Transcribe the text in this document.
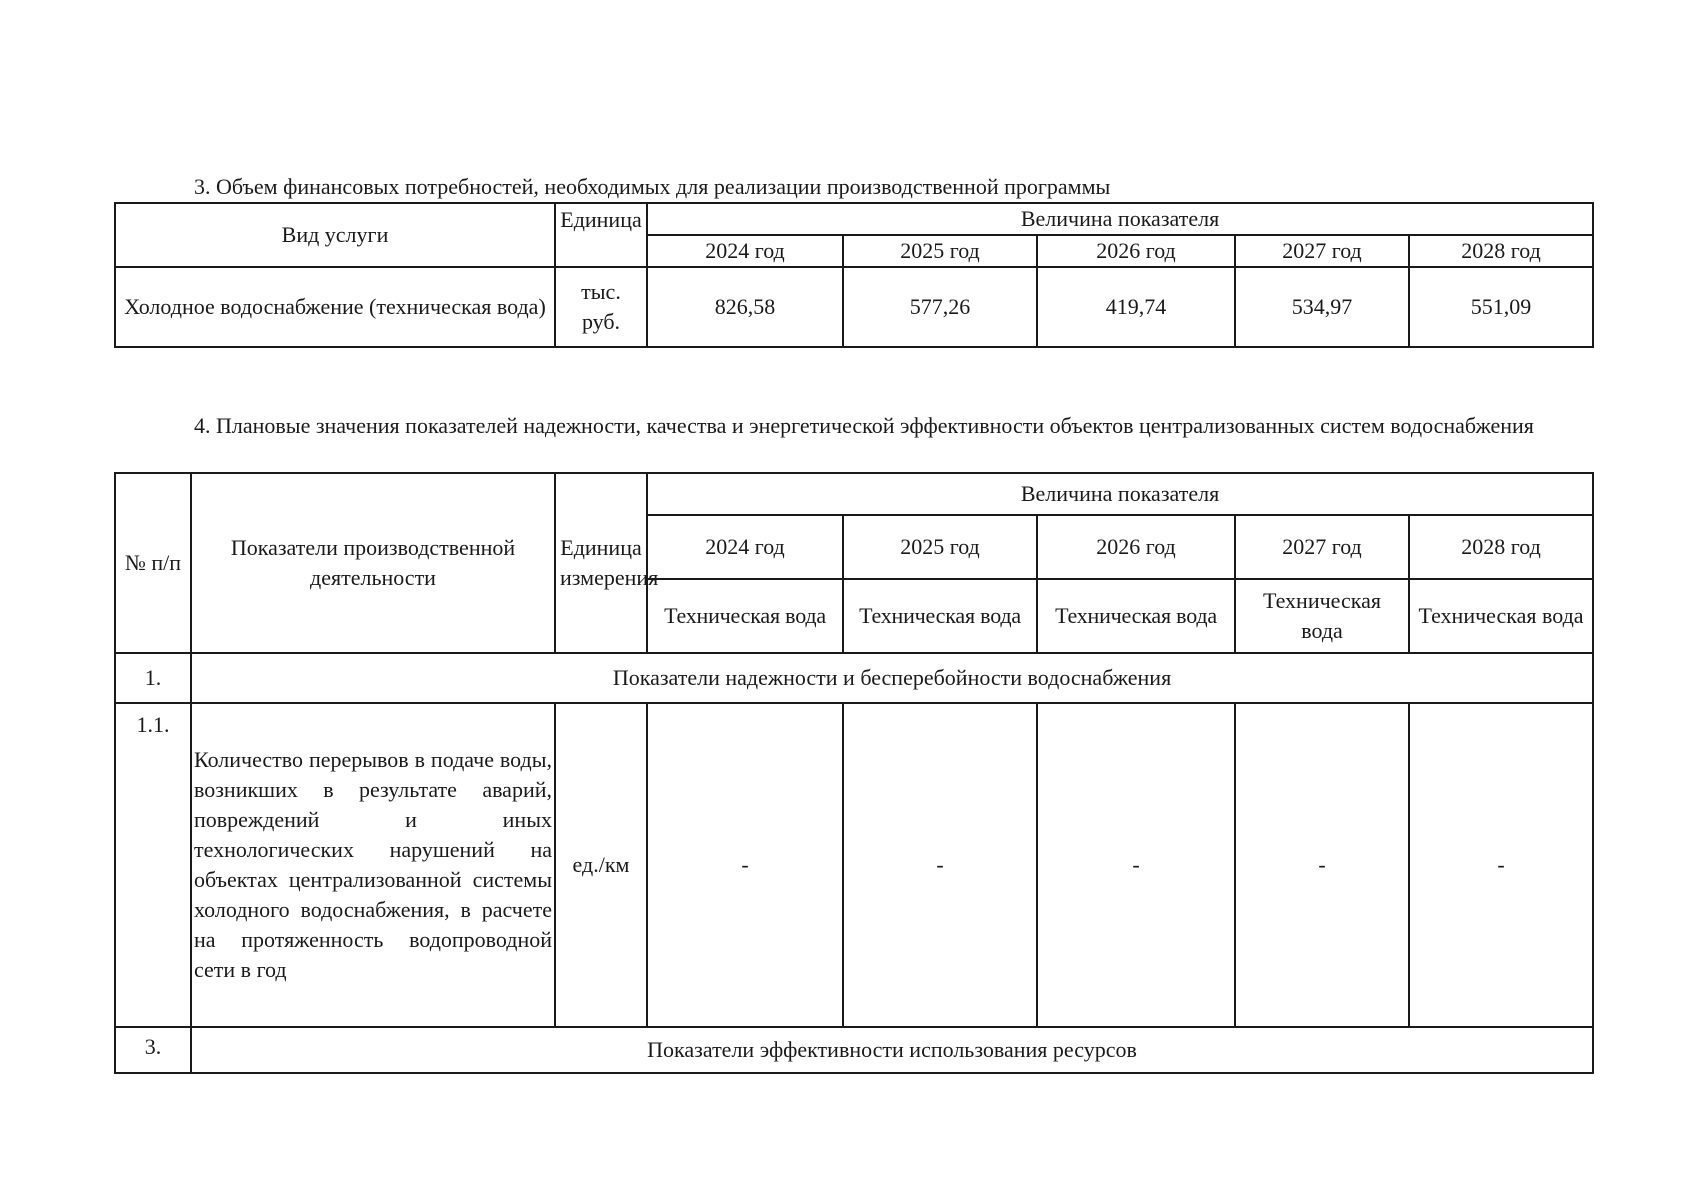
3. Объем финансовых потребностей, необходимых для реализации производственной программы

Вид услуги	Единица	Величина показателя				
		2024 год	2025 год	2026 год	2027 год	2028 год
Холодное водоснабжение (техническая вода)	тыс. руб.	826,58	577,26	419,74	534,97	551,09

4. Плановые значения показателей надежности, качества и энергетической эффективности объектов централизованных систем водоснабжения

№ п/п	Показатели производственной деятельности	Единица измерения	Величина показателя				
			2024 год	2025 год	2026 год	2027 год	2028 год
			Техническая вода	Техническая вода	Техническая вода	Техническая вода	Техническая вода
1.	Показатели надежности и бесперебойности водоснабжения						
1.1.	Количество перерывов в подаче воды, возникших в результате аварий, повреждений и иных технологических нарушений на объектах централизованной системы холодного водоснабжения, в расчете на протяженность водопроводной сети в год	ед./км	-	-	-	-	-
3.	Показатели эффективности использования ресурсов						
